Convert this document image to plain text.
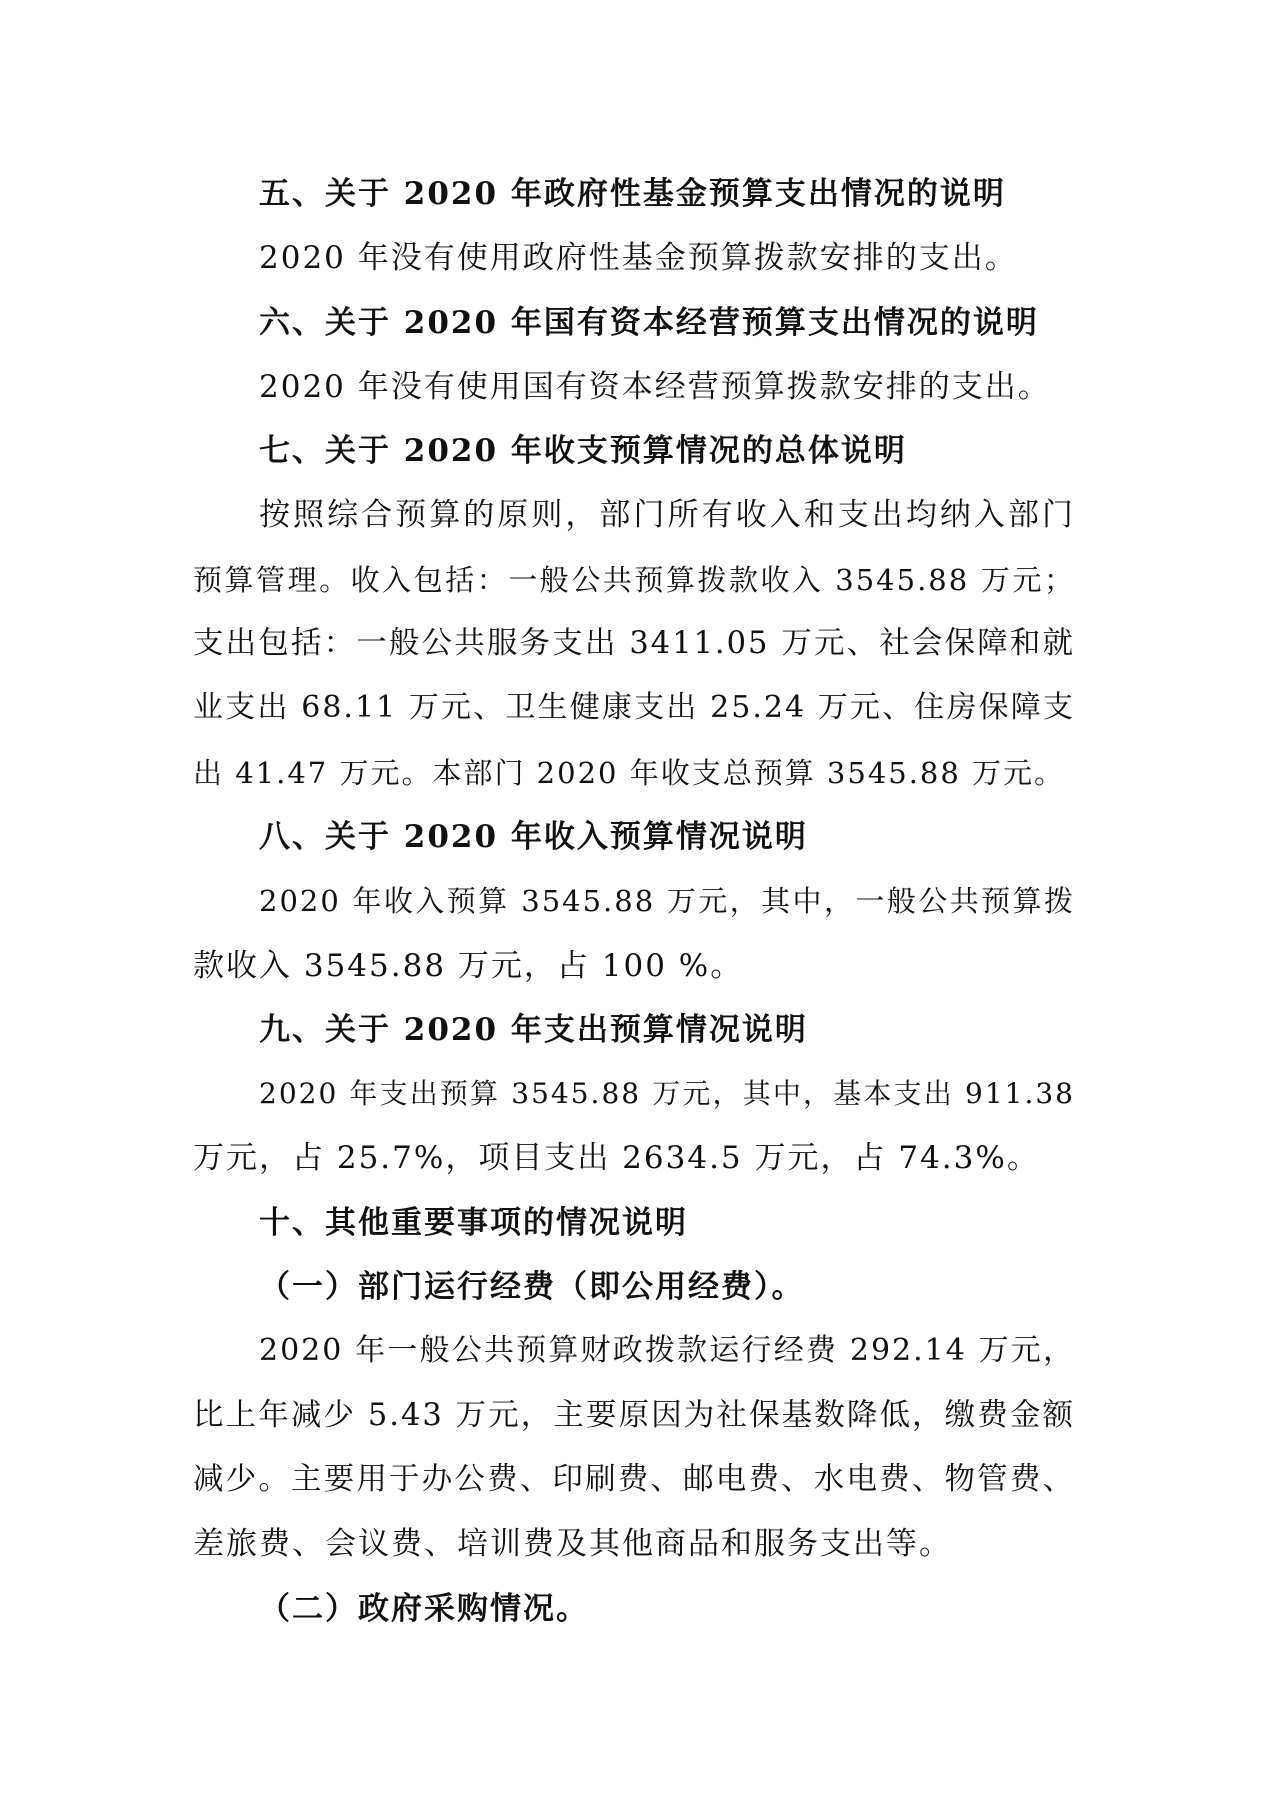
五、关于 2020 年政府性基金预算支出情况的说明
2020 年没有使用政府性基金预算拨款安排的支出。
六、关于 2020 年国有资本经营预算支出情况的说明
2020 年没有使用国有资本经营预算拨款安排的支出。
七、关于 2020 年收支预算情况的总体说明
按照综合预算的原则，部门所有收入和支出均纳入部门
预算管理。收入包括：一般公共预算拨款收入 3545.88 万元；
支出包括：一般公共服务支出 3411.05 万元、社会保障和就
业支出 68.11 万元、卫生健康支出 25.24 万元、住房保障支
出 41.47 万元。本部门 2020 年收支总预算 3545.88 万元。
八、关于 2020 年收入预算情况说明
2020 年收入预算 3545.88 万元，其中，一般公共预算拨
款收入 3545.88 万元，占 100 %。
九、关于 2020 年支出预算情况说明
2020 年支出预算 3545.88 万元，其中，基本支出 911.38
万元，占 25.7%，项目支出 2634.5 万元，占 74.3%。
十、其他重要事项的情况说明
（一）部门运行经费（即公用经费）。
2020 年一般公共预算财政拨款运行经费 292.14 万元，
比上年减少 5.43 万元，主要原因为社保基数降低，缴费金额
减少。主要用于办公费、印刷费、邮电费、水电费、物管费、
差旅费、会议费、培训费及其他商品和服务支出等。
（二）政府采购情况。
